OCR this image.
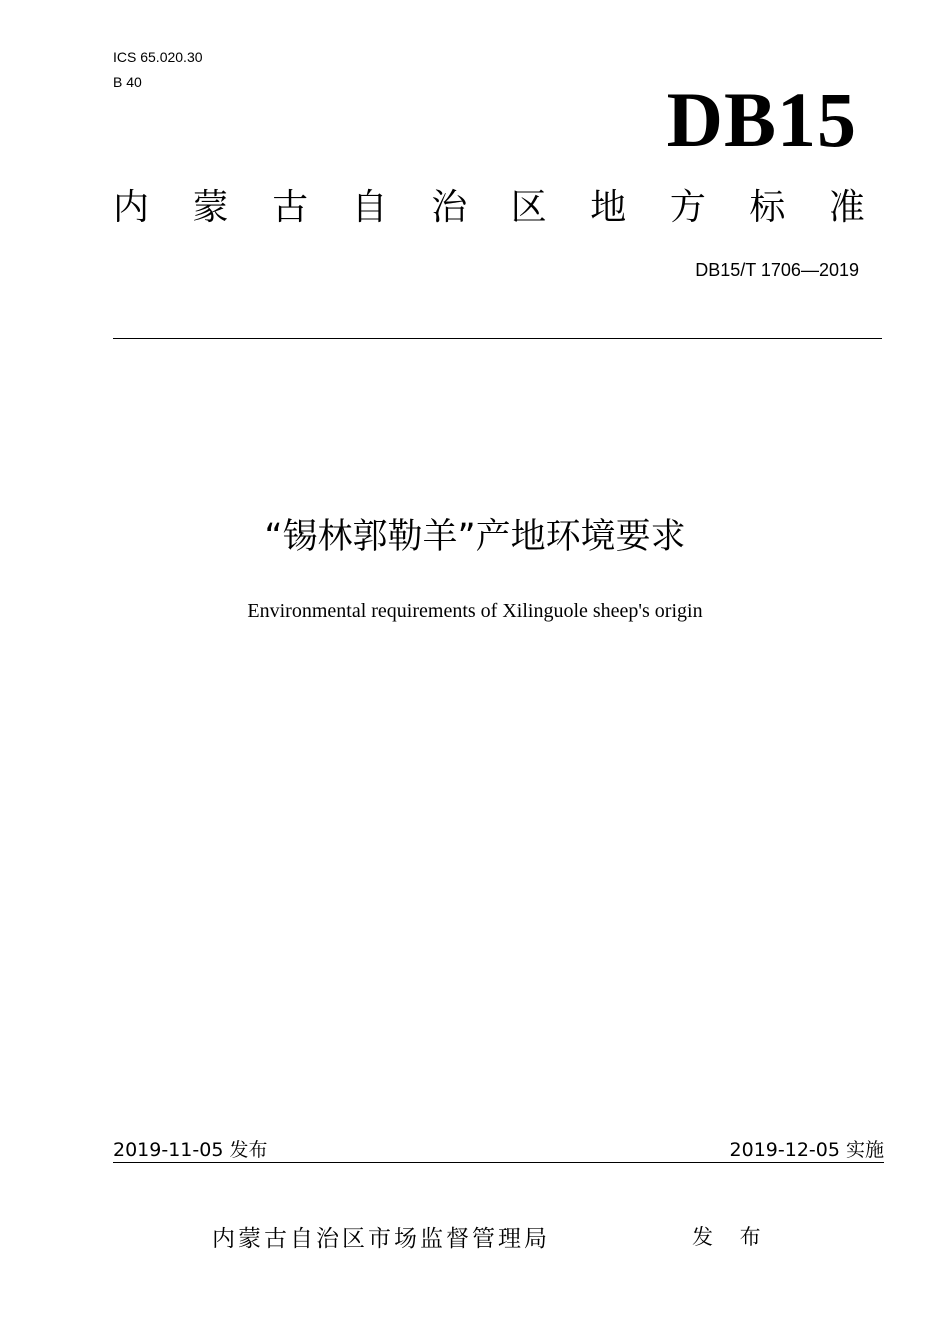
ICS 65.020.30
B 40	DB15
内 蒙 古 自 治 区 地 方 标 准
DB15/T 1706—2019
“锡林郭勒羊”产地环境要求
Environmental requirements of Xilinguole sheep's origin
2019-11-05 发布	2019-12-05 实施
内蒙古自治区市场监督管理局	发 布
